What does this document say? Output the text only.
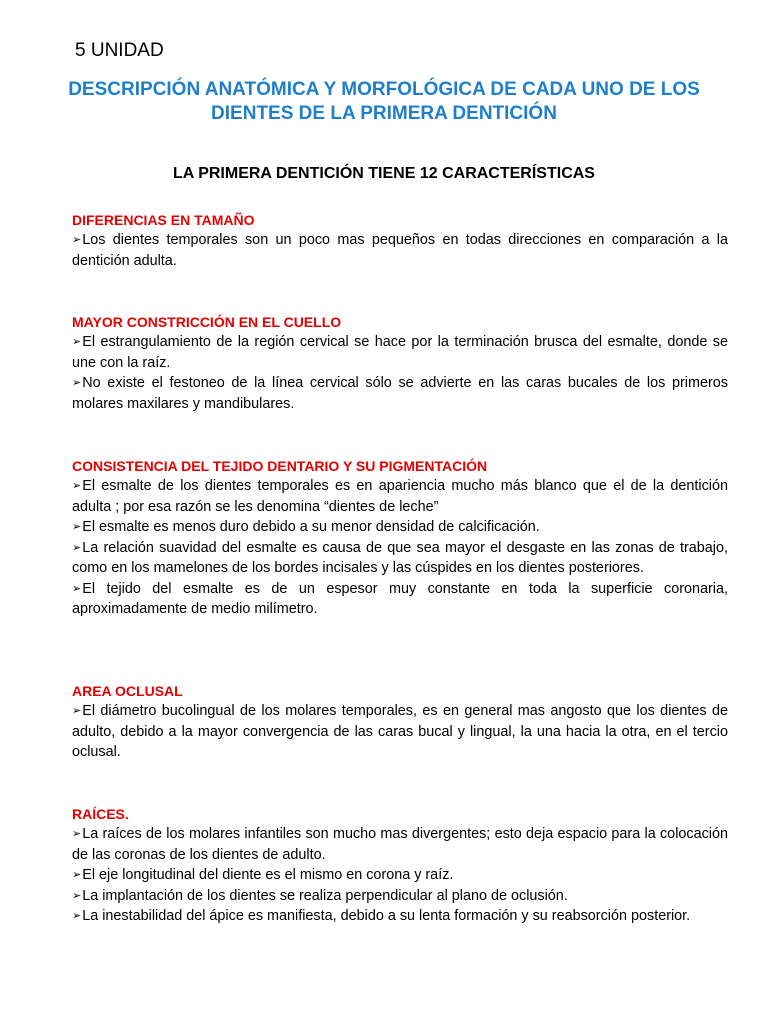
5 UNIDAD
DESCRIPCIÓN ANATÓMICA Y MORFOLÓGICA DE CADA UNO DE LOS DIENTES DE LA PRIMERA DENTICIÓN
LA PRIMERA DENTICIÓN TIENE 12 CARACTERÍSTICAS

DIFERENCIAS EN TAMAÑO

➢Los dientes temporales son un poco mas pequeños en todas direcciones en comparación a la dentición adulta.

MAYOR CONSTRICCIÓN EN EL CUELLO

➢El estrangulamiento de la región cervical se hace por la terminación brusca del esmalte, donde se une con la raíz.

➢No existe el festoneo de la línea cervical sólo se advierte en las caras bucales de los primeros molares maxilares y mandibulares.

CONSISTENCIA DEL TEJIDO DENTARIO Y SU PIGMENTACIÓN

➢El esmalte de los dientes temporales es en apariencia mucho más blanco que el de la dentición adulta ; por esa razón se les denomina “dientes de leche”

➢El esmalte es menos duro debido a su menor densidad de calcificación.

➢La relación suavidad del esmalte es causa de que sea mayor el desgaste en las zonas de trabajo, como en los mamelones de los bordes incisales y las cúspides en los dientes posteriores.

➢El tejido del esmalte es de un espesor muy constante en toda la superficie coronaria, aproximadamente de medio milímetro.

AREA OCLUSAL

➢El diámetro bucolingual de los molares temporales, es en general mas angosto que los dientes de adulto, debido a la mayor convergencia de las caras bucal y lingual, la una hacia la otra, en el tercio oclusal.

RAÍCES.

➢La raíces de los molares infantiles son mucho mas divergentes; esto deja espacio para la colocación de las coronas de los dientes de adulto.

➢El eje longitudinal del diente es el mismo en corona y raíz.

➢La implantación de los dientes se realiza perpendicular al plano de oclusión.

➢La inestabilidad del ápice es manifiesta, debido a su lenta formación y su reabsorción posterior.
